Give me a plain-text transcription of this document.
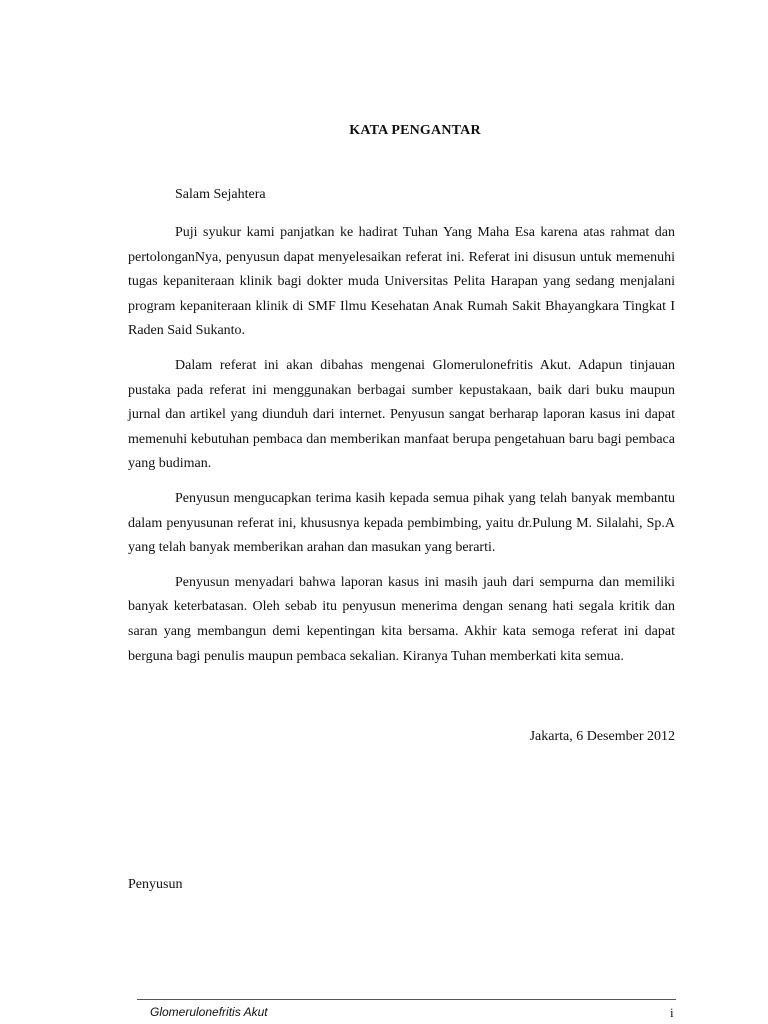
KATA PENGANTAR
Salam Sejahtera

Puji syukur kami panjatkan ke hadirat Tuhan Yang Maha Esa karena atas rahmat dan pertolonganNya, penyusun dapat menyelesaikan referat ini. Referat ini disusun untuk memenuhi tugas kepaniteraan klinik bagi dokter muda Universitas Pelita Harapan yang sedang menjalani program kepaniteraan klinik di SMF Ilmu Kesehatan Anak Rumah Sakit Bhayangkara Tingkat I Raden Said Sukanto.

Dalam referat ini akan dibahas mengenai Glomerulonefritis Akut. Adapun tinjauan pustaka pada referat ini menggunakan berbagai sumber kepustakaan, baik dari buku maupun jurnal dan artikel yang diunduh dari internet. Penyusun sangat berharap laporan kasus ini dapat memenuhi kebutuhan pembaca dan memberikan manfaat berupa pengetahuan baru bagi pembaca yang budiman.

Penyusun mengucapkan terima kasih kepada semua pihak yang telah banyak membantu dalam penyusunan referat ini, khususnya kepada pembimbing, yaitu dr.Pulung M. Silalahi, Sp.A yang telah banyak memberikan arahan dan masukan yang berarti.

Penyusun menyadari bahwa laporan kasus ini masih jauh dari sempurna dan memiliki banyak keterbatasan. Oleh sebab itu penyusun menerima dengan senang hati segala kritik dan saran yang membangun demi kepentingan kita bersama. Akhir kata semoga referat ini dapat berguna bagi penulis maupun pembaca sekalian. Kiranya Tuhan memberkati kita semua.

Jakarta, 6 Desember 2012
Penyusun
Glomerulonefritis Akut	i
